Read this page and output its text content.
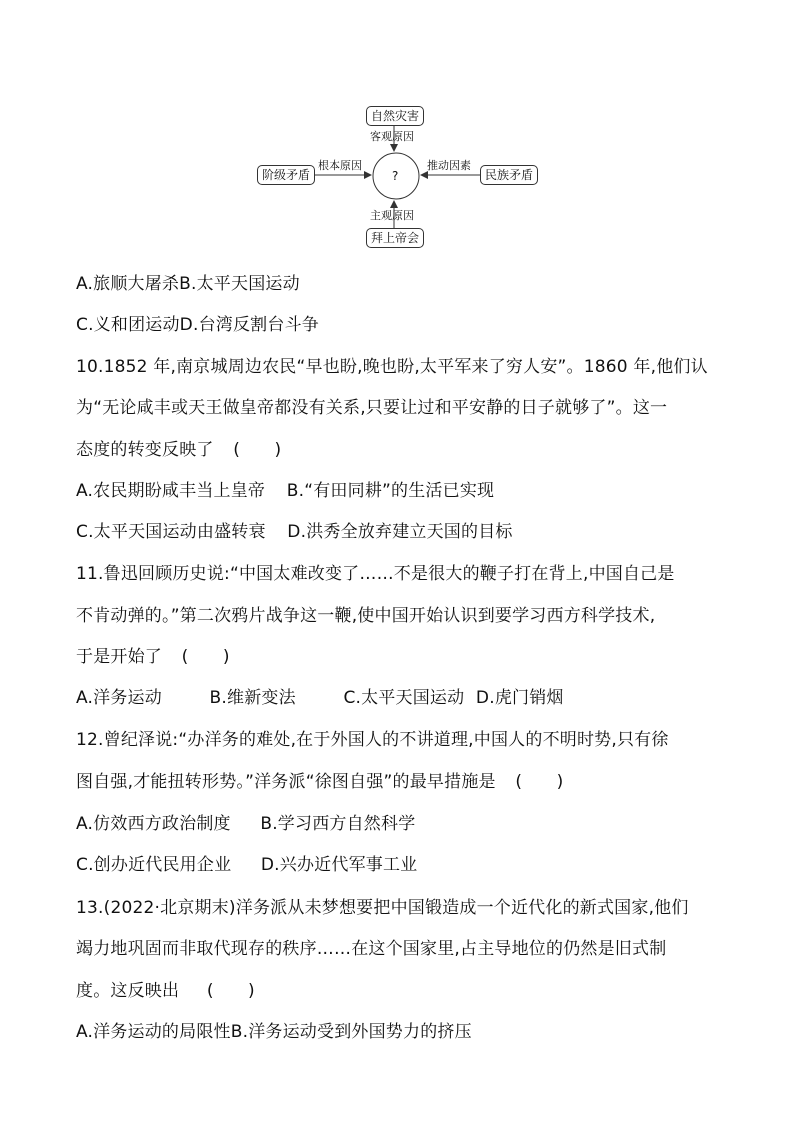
自然灾害
客观原因
阶级矛盾
根本原因
民族矛盾
推动因素
?
主观原因
拜上帝会
A.旅顺大屠杀B.太平天国运动
C.义和团运动D.台湾反割台斗争
10.1852 年,南京城周边农民“早也盼,晚也盼,太平军来了穷人安”。1860 年,他们认
为“无论咸丰或天王做皇帝都没有关系,只要让过和平安静的日子就够了”。这一
态度的转变反映了 (　　)
A.农民期盼咸丰当上皇帝 B.“有田同耕”的生活已实现
C.太平天国运动由盛转衰 D.洪秀全放弃建立天国的目标
11.鲁迅回顾历史说:“中国太难改变了……不是很大的鞭子打在背上,中国自己是
不肯动弹的。”第二次鸦片战争这一鞭,使中国开始认识到要学习西方科学技术,
于是开始了 (　　)
A.洋务运动	B.维新变法	C.太平天国运动 D.虎门销烟
12.曾纪泽说:“办洋务的难处,在于外国人的不讲道理,中国人的不明时势,只有徐
图自强,才能扭转形势。”洋务派“徐图自强”的最早措施是 (　　)
A.仿效西方政治制度 B.学习西方自然科学
C.创办近代民用企业 D.兴办近代军事工业
13.(2022·北京期末)洋务派从未梦想要把中国锻造成一个近代化的新式国家,他们
竭力地巩固而非取代现存的秩序……在这个国家里,占主导地位的仍然是旧式制
度。这反映出 (　　)
A.洋务运动的局限性B.洋务运动受到外国势力的挤压
